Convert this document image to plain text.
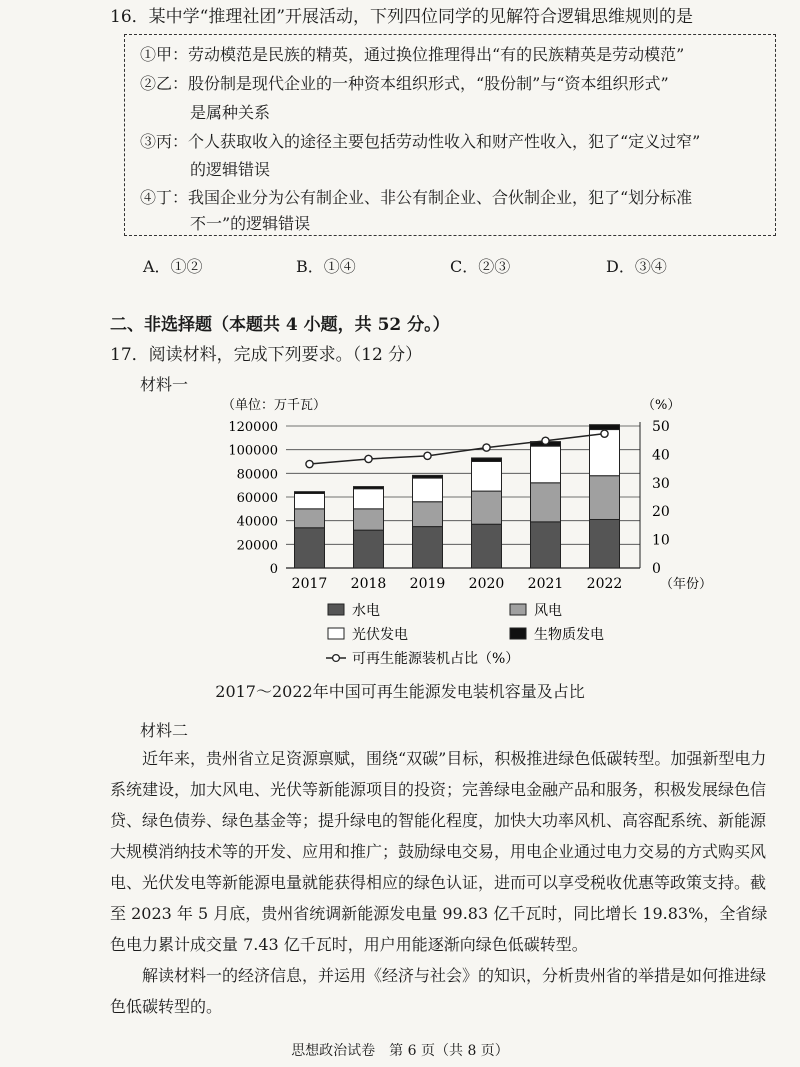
16．某中学“推理社团”开展活动，下列四位同学的见解符合逻辑思维规则的是
①甲：劳动模范是民族的精英，通过换位推理得出“有的民族精英是劳动模范”
②乙：股份制是现代企业的一种资本组织形式，“股份制”与“资本组织形式”
是属种关系
③丙：个人获取收入的途径主要包括劳动性收入和财产性收入，犯了“定义过窄”
的逻辑错误
④丁：我国企业分为公有制企业、非公有制企业、合伙制企业，犯了“划分标准
不一”的逻辑错误
A．①②	B．①④	C．②③	D．③④
二、非选择题（本题共 4 小题，共 52 分。）
17．阅读材料，完成下列要求。（12 分）
材料一
0
20000
40000
60000
80000
100000
120000
0
10
20
30
40
50
（单位：万千瓦）	（%）
2017 2018 2019 2020 2021 2022	（年份）
水电	风电
光伏发电	生物质发电
可再生能源装机占比（%）
2017～2022年中国可再生能源发电装机容量及占比
材料二

近年来，贵州省立足资源禀赋，围绕“双碳”目标，积极推进绿色低碳转型。加强新型电力系统建设，加大风电、光伏等新能源项目的投资；完善绿电金融产品和服务，积极发展绿色信贷、绿色债券、绿色基金等；提升绿电的智能化程度，加快大功率风机、高容配系统、新能源大规模消纳技术等的开发、应用和推广；鼓励绿电交易，用电企业通过电力交易的方式购买风电、光伏发电等新能源电量就能获得相应的绿色认证，进而可以享受税收优惠等政策支持。截至 2023 年 5 月底，贵州省统调新能源发电量 99.83 亿千瓦时，同比增长 19.83%，全省绿色电力累计成交量 7.43 亿千瓦时，用户用能逐渐向绿色低碳转型。

解读材料一的经济信息，并运用《经济与社会》的知识，分析贵州省的举措是如何推进绿色低碳转型的。

思想政治试卷　第 6 页（共 8 页）
